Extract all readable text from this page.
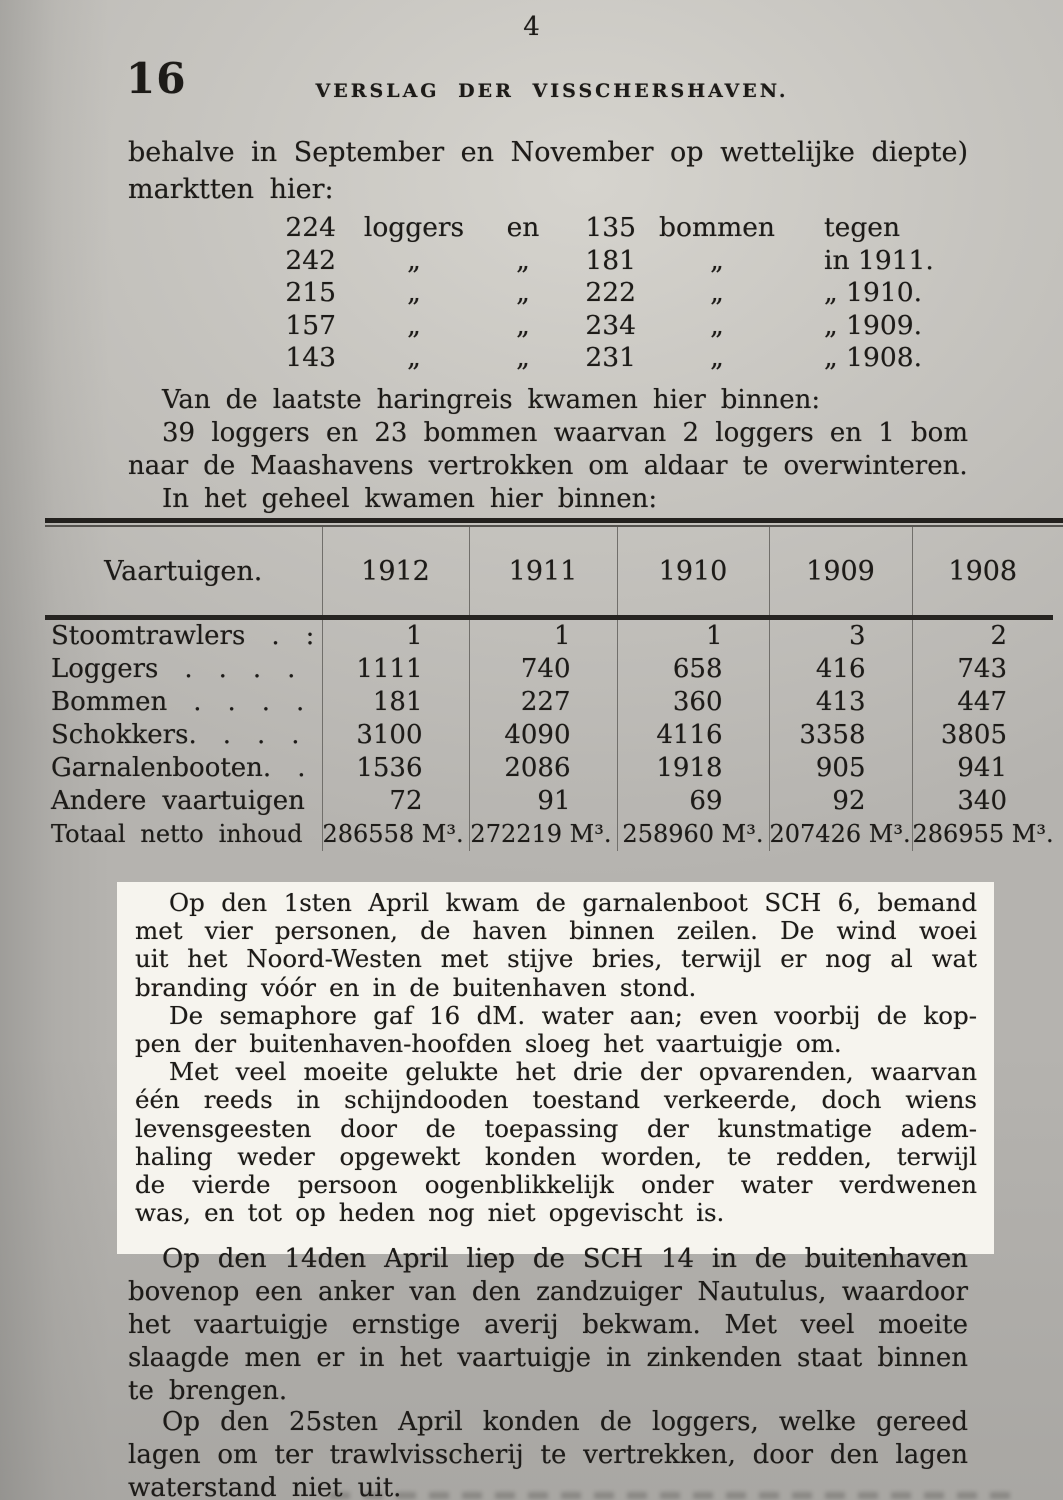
4
16	VERSLAG DER VISSCHERSHAVEN.
behalve in September en November op wettelijke diepte)
marktten hier:
224	loggers	en	135 bommen	tegen
242	„	„	181	„	in 1911.
215	„	„	222	„	„ 1910.
157	„	„	234	„	„ 1909.
143	„	„	231	„	„ 1908.
Van de laatste haringreis kwamen hier binnen:
39 loggers en 23 bommen waarvan 2 loggers en 1 bom
naar de Maashavens vertrokken om aldaar te overwinteren.
In het geheel kwamen hier binnen:
Vaartuigen.	1912	1911	1910	1909	1908
Stoomtrawlers . :	1	1	1	3	2
Loggers . . . .	1111	740	658	416	743
Bommen . . . .	181	227	360	413	447
Schokkers. . . .	3100	4090	4116	3358	3805
Garnalenbooten. .	1536	2086	1918	905	941
Andere vaartuigen	72	91	69	92	340
Totaal netto inhoud	286558 M³.	272219 M³.	258960 M³.	207426 M³.	286955 M³.
Op den 1sten April kwam de garnalenboot SCH 6, bemand
met vier personen, de haven binnen zeilen. De wind woei
uit het Noord-Westen met stijve bries, terwijl er nog al wat
branding vóór en in de buitenhaven stond.
De semaphore gaf 16 dM. water aan; even voorbij de kop-
pen der buitenhaven-hoofden sloeg het vaartuigje om.
Met veel moeite gelukte het drie der opvarenden, waarvan
één reeds in schijndooden toestand verkeerde, doch wiens
levensgeesten door de toepassing der kunstmatige adem-
haling weder opgewekt konden worden, te redden, terwijl
de vierde persoon oogenblikkelijk onder water verdwenen
was, en tot op heden nog niet opgevischt is.
Op den 14den April liep de SCH 14 in de buitenhaven
bovenop een anker van den zandzuiger Nautulus, waardoor
het vaartuigje ernstige averij bekwam. Met veel moeite
slaagde men er in het vaartuigje in zinkenden staat binnen
te brengen.
Op den 25sten April konden de loggers, welke gereed
lagen om ter trawlvisscherij te vertrekken, door den lagen
waterstand niet uit.
